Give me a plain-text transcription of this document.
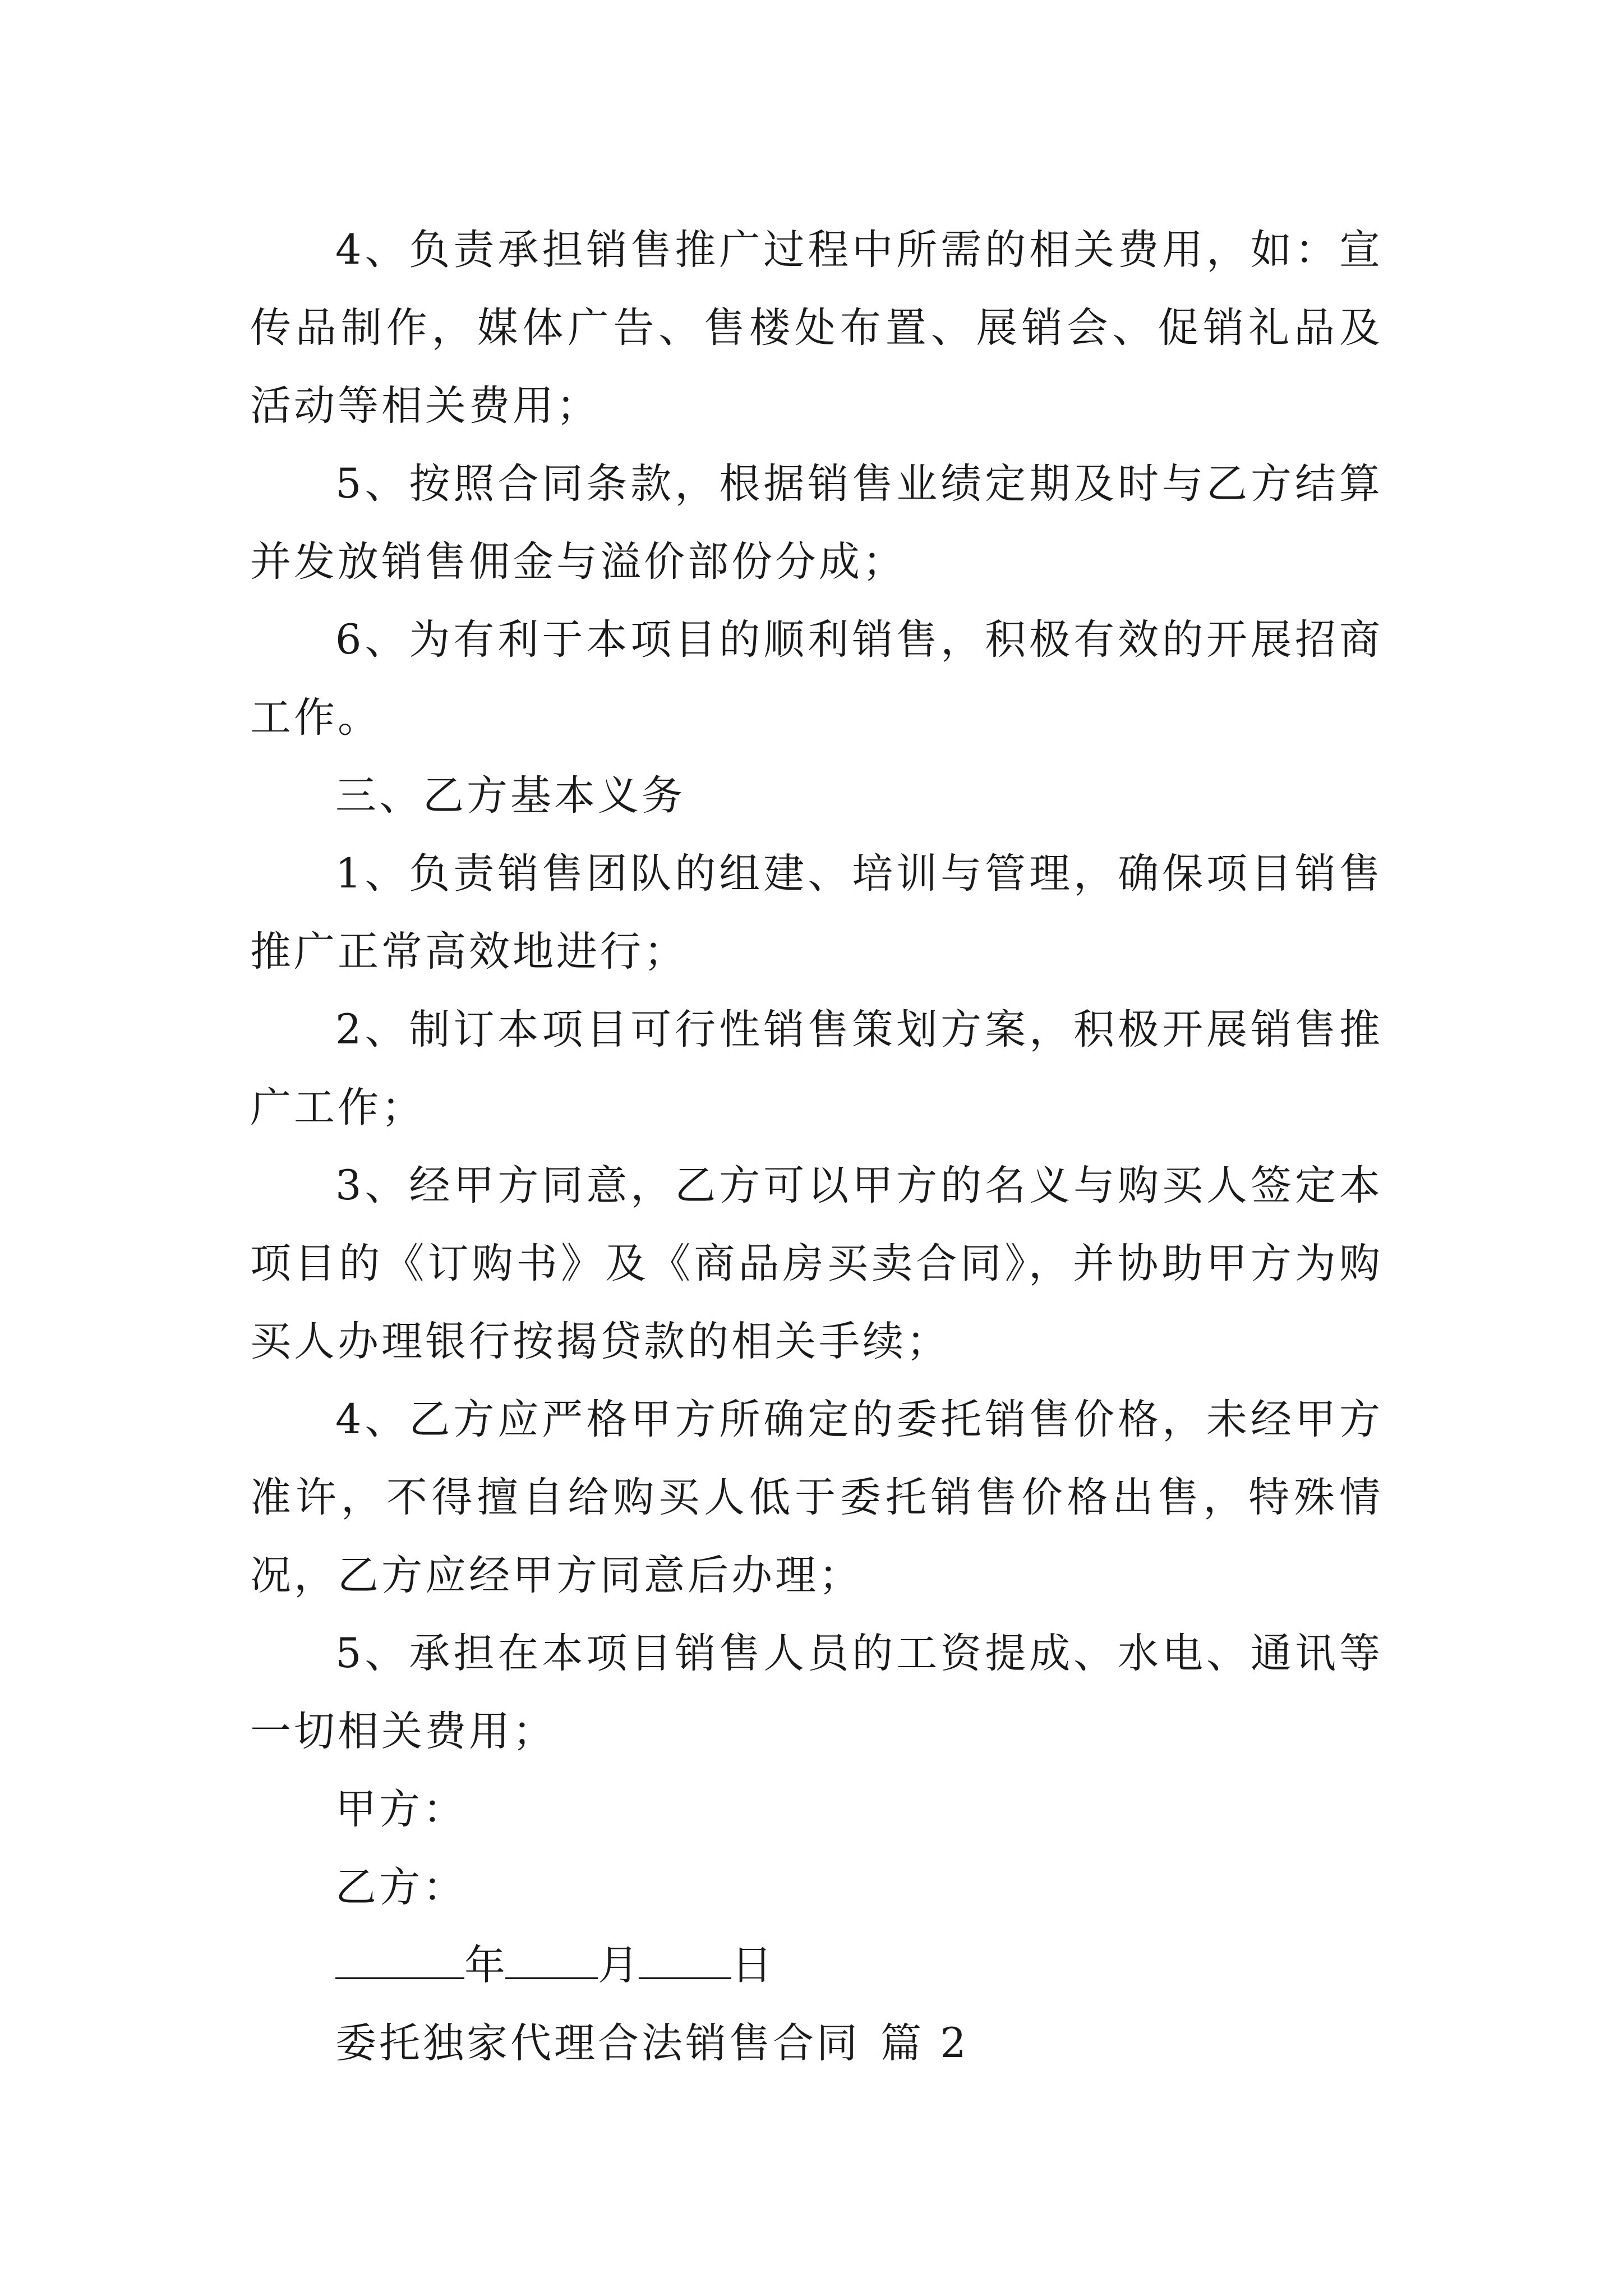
4、负责承担销售推广过程中所需的相关费用，如：宣传品制作，媒体广告、售楼处布置、展销会、促销礼品及活动等相关费用；

5、按照合同条款，根据销售业绩定期及时与乙方结算并发放销售佣金与溢价部份分成；

6、为有利于本项目的顺利销售，积极有效的开展招商工作。

三、乙方基本义务

1、负责销售团队的组建、培训与管理，确保项目销售推广正常高效地进行；

2、制订本项目可行性销售策划方案，积极开展销售推广工作；

3、经甲方同意，乙方可以甲方的名义与购买人签定本项目的《订购书》及《商品房买卖合同》，并协助甲方为购买人办理银行按揭贷款的相关手续；

4、乙方应严格甲方所确定的委托销售价格，未经甲方准许，不得擅自给购买人低于委托销售价格出售，特殊情况，乙方应经甲方同意后办理；

5、承担在本项目销售人员的工资提成、水电、通讯等一切相关费用；

甲方：

乙方：

年 月 日

委托独家代理合法销售合同 篇 2
